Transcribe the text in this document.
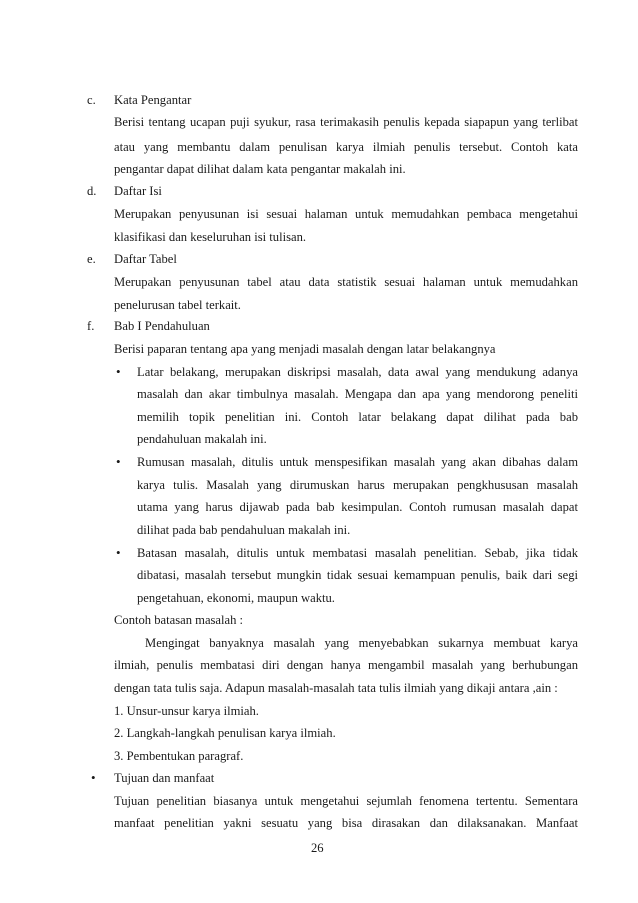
c. Kata Pengantar
Berisi tentang ucapan puji syukur, rasa terimakasih penulis kepada siapapun yang terlibat
atau yang membantu dalam penulisan karya ilmiah penulis tersebut. Contoh kata
pengantar dapat dilihat dalam kata pengantar makalah ini.
d. Daftar Isi
Merupakan penyusunan isi sesuai halaman untuk memudahkan pembaca mengetahui
klasifikasi dan keseluruhan isi tulisan.
e. Daftar Tabel
Merupakan penyusunan tabel atau data statistik sesuai halaman untuk memudahkan
penelurusan tabel terkait.
f. Bab I Pendahuluan
Berisi paparan tentang apa yang menjadi masalah dengan latar belakangnya
• Latar belakang, merupakan diskripsi masalah, data awal yang mendukung adanya
masalah dan akar timbulnya masalah. Mengapa dan apa yang mendorong peneliti
memilih topik penelitian ini. Contoh latar belakang dapat dilihat pada bab
pendahuluan makalah ini.
• Rumusan masalah, ditulis untuk menspesifikan masalah yang akan dibahas dalam
karya tulis. Masalah yang dirumuskan harus merupakan pengkhususan masalah
utama yang harus dijawab pada bab kesimpulan. Contoh rumusan masalah dapat
dilihat pada bab pendahuluan makalah ini.
• Batasan masalah, ditulis untuk membatasi masalah penelitian. Sebab, jika tidak
dibatasi, masalah tersebut mungkin tidak sesuai kemampuan penulis, baik dari segi
pengetahuan, ekonomi, maupun waktu.
Contoh batasan masalah :
Mengingat banyaknya masalah yang menyebabkan sukarnya membuat karya
ilmiah, penulis membatasi diri dengan hanya mengambil masalah yang berhubungan
dengan tata tulis saja. Adapun masalah-masalah tata tulis ilmiah yang dikaji antara ,ain :
1. Unsur-unsur karya ilmiah.
2. Langkah-langkah penulisan karya ilmiah.
3. Pembentukan paragraf.
• Tujuan dan manfaat
Tujuan penelitian biasanya untuk mengetahui sejumlah fenomena tertentu. Sementara
manfaat penelitian yakni sesuatu yang bisa dirasakan dan dilaksanakan. Manfaat
26
